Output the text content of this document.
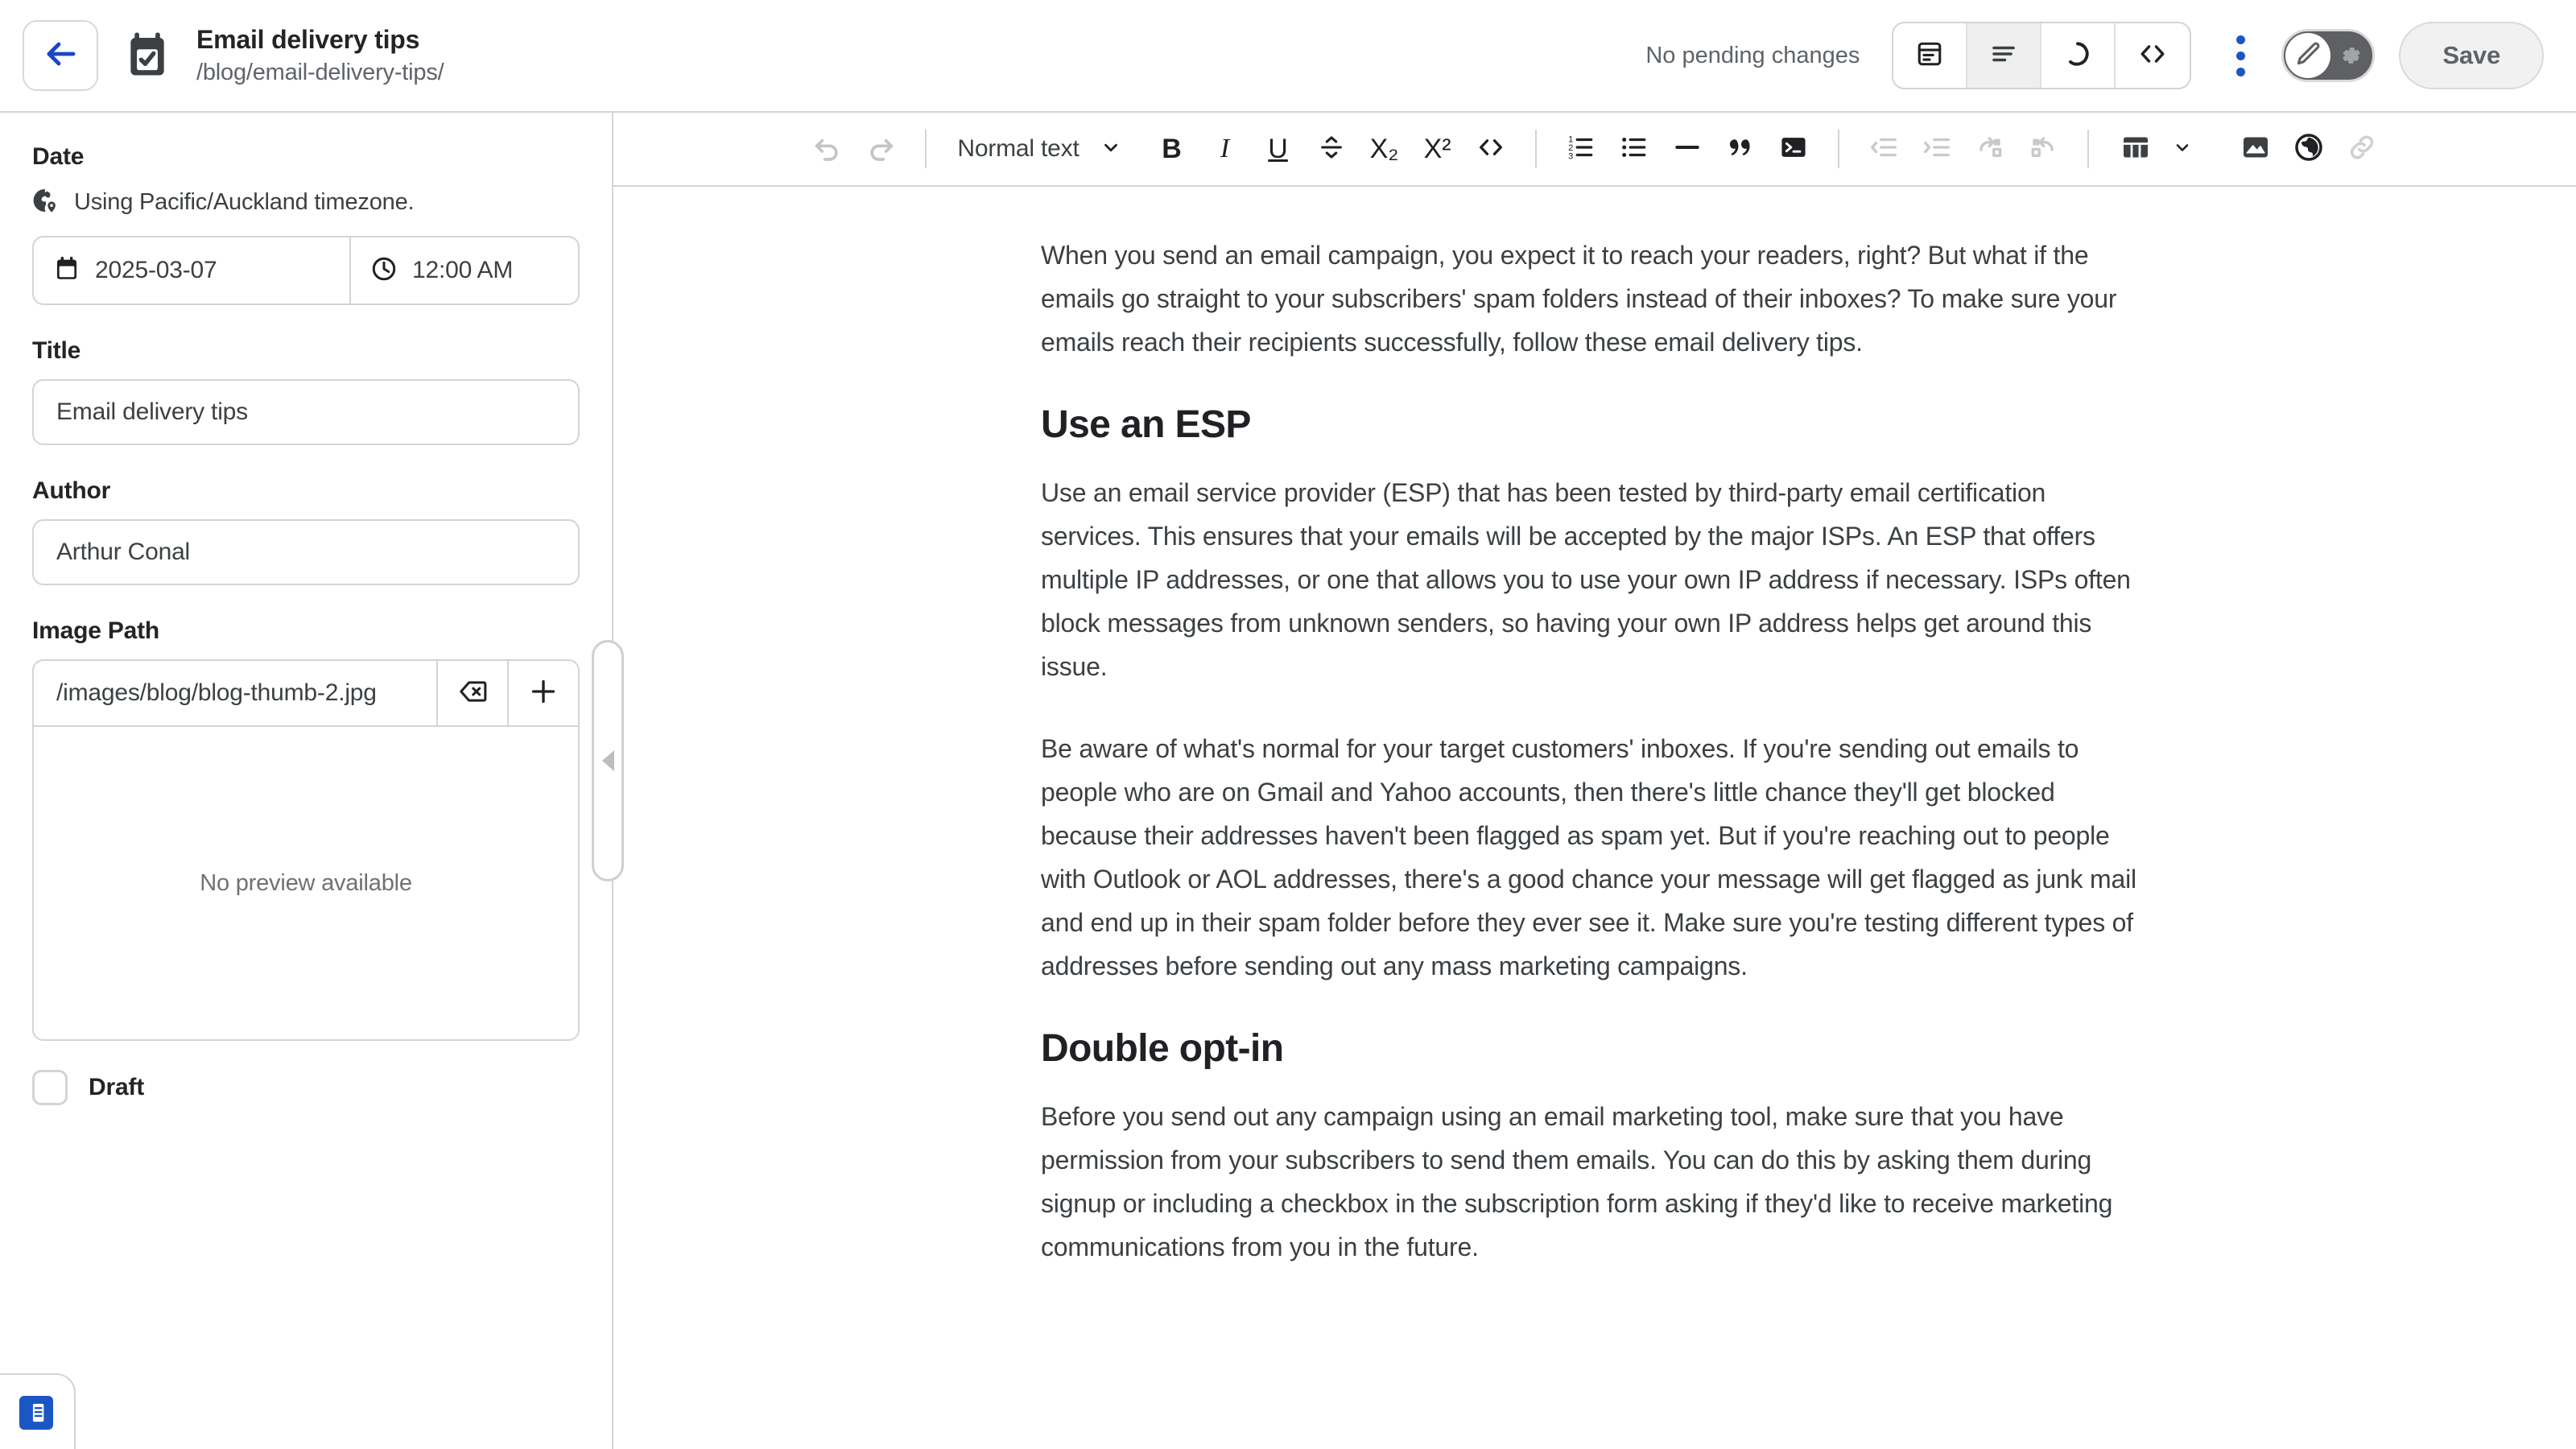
Email delivery tips
/blog/email-delivery-tips/
No pending changes	Save
Date
Using Pacific/Auckland timezone.
2025-03-07	12:00 AM
Title
Email delivery tips
Author
Arthur Conal
Image Path
/images/blog/blog-thumb-2.jpg
No preview available
Draft
Normal text	B I U	X₂ X²	1
2
3

When you send an email campaign, you expect it to reach your readers, right? But what if the emails go straight to your subscribers' spam folders instead of their inboxes? To make sure your emails reach their recipients successfully, follow these email delivery tips.

Use an ESP

Use an email service provider (ESP) that has been tested by third-party email certification services. This ensures that your emails will be accepted by the major ISPs. An ESP that offers multiple IP addresses, or one that allows you to use your own IP address if necessary. ISPs often block messages from unknown senders, so having your own IP address helps get around this issue.

Be aware of what's normal for your target customers' inboxes. If you're sending out emails to people who are on Gmail and Yahoo accounts, then there's little chance they'll get blocked because their addresses haven't been flagged as spam yet. But if you're reaching out to people with Outlook or AOL addresses, there's a good chance your message will get flagged as junk mail and end up in their spam folder before they ever see it. Make sure you're testing different types of addresses before sending out any mass marketing campaigns.

Double opt-in

Before you send out any campaign using an email marketing tool, make sure that you have permission from your subscribers to send them emails. You can do this by asking them during signup or including a checkbox in the subscription form asking if they'd like to receive marketing communications from you in the future.
